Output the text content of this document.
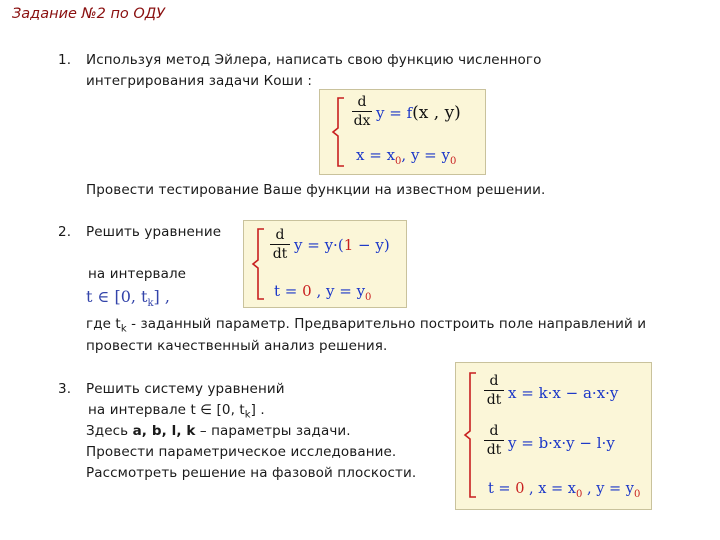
Задание №2 по ОДУ
1. Используя метод Эйлера, написать свою функцию численного
интегрирования задачи Коши :
d
dx y = f(x , y)
$x = x_0$, $y = y_0$
Провести тестирование Ваше функции на известном решении.
2. Решить уравнение	d
dt y = y·(1 − y)
t = 0 , $y = y_0$
на интервале
t ∈ [0, $t_k$] ,
где $t_k$ - заданный параметр. Предварительно построить поле направлений и
провести качественный анализ решения.
3. Решить систему уравнений
на интервале t ∈ [0, $t_k$] .
Здесь a, b, l, k – параметры задачи.
Провести параметрическое исследование.
Рассмотреть решение на фазовой плоскости.
d
dt x = k·x − a·x·y
d
dt y = b·x·y − l·y
t = 0 , $x = x_0$ , $y = y_0$
